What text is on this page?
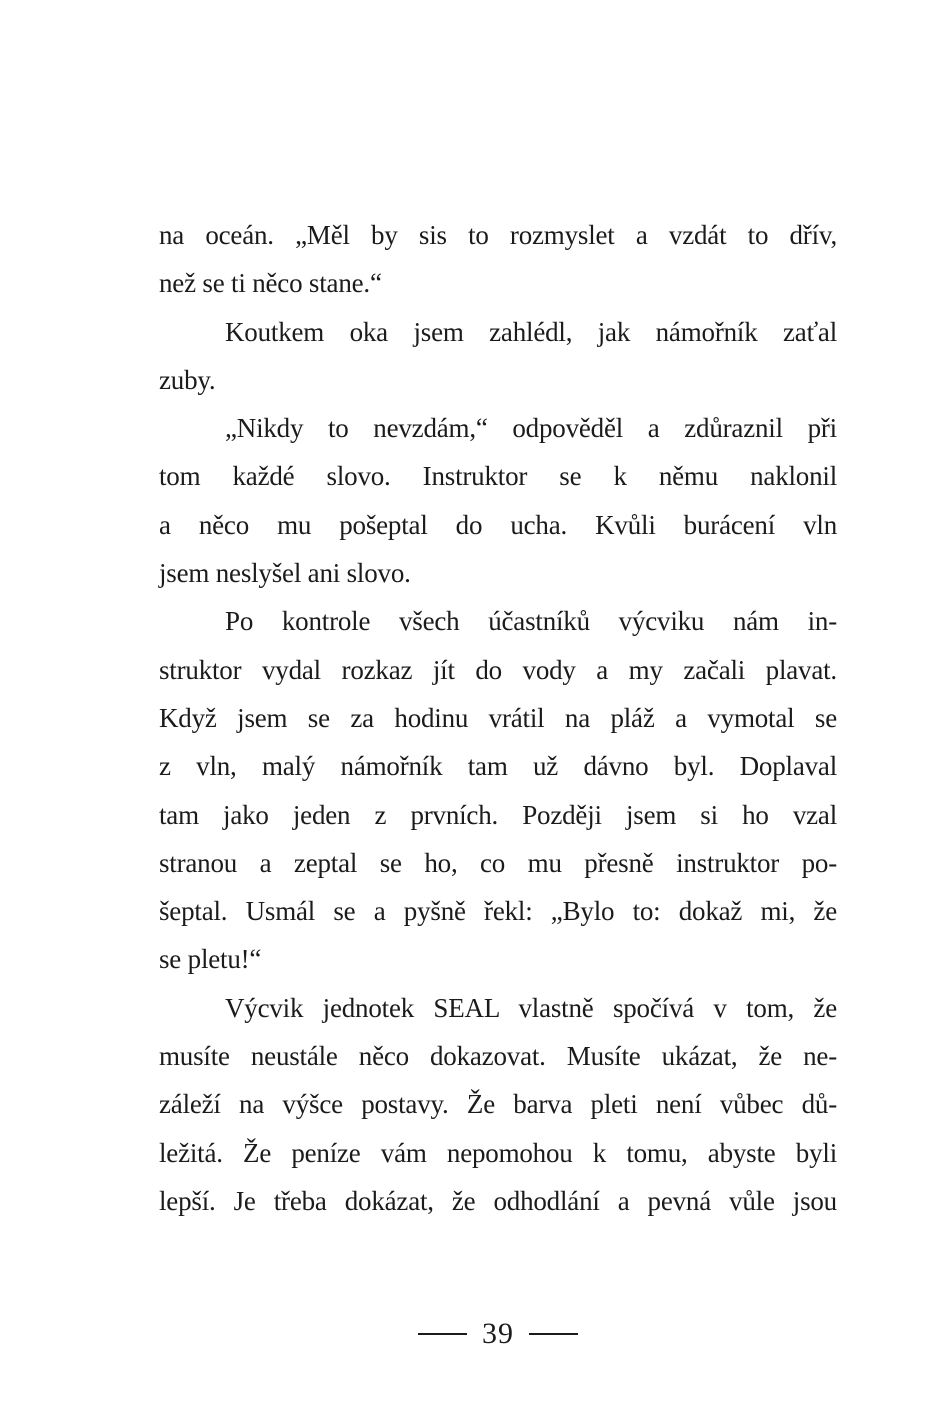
na oceán. „Měl by sis to rozmyslet a vzdát to dřív,
než se ti něco stane.“
Koutkem oka jsem zahlédl, jak námořník zaťal
zuby.
„Nikdy to nevzdám,“ odpověděl a zdůraznil při
tom každé slovo. Instruktor se k němu naklonil
a něco mu pošeptal do ucha. Kvůli burácení vln
jsem neslyšel ani slovo.
Po kontrole všech účastníků výcviku nám in-
struktor vydal rozkaz jít do vody a my začali plavat.
Když jsem se za hodinu vrátil na pláž a vymotal se
z vln, malý námořník tam už dávno byl. Doplaval
tam jako jeden z prvních. Později jsem si ho vzal
stranou a zeptal se ho, co mu přesně instruktor po-
šeptal. Usmál se a pyšně řekl: „Bylo to: dokaž mi, že
se pletu!“
Výcvik jednotek SEAL vlastně spočívá v tom, že
musíte neustále něco dokazovat. Musíte ukázat, že ne-
záleží na výšce postavy. Že barva pleti není vůbec dů-
ležitá. Že peníze vám nepomohou k tomu, abyste byli
lepší. Je třeba dokázat, že odhodlání a pevná vůle jsou
39
